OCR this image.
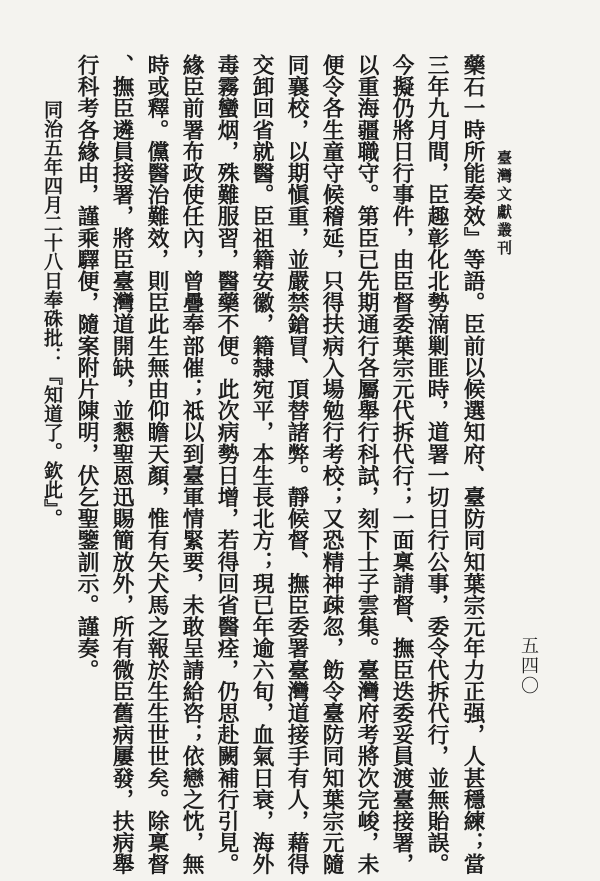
臺灣文獻叢刊
五四〇
藥石一時所能奏效』等語。臣前以候選知府、臺防同知葉宗元年力正强，人甚穩練；當
三年九月間，臣趣彰化北勢湳剿匪時，道署一切日行公事，委令代拆代行，並無貽誤。
今擬仍將日行事件，由臣督委葉宗元代拆代行；一面稟請督、撫臣迭委妥員渡臺接署，
以重海疆職守。第臣已先期通行各屬舉行科試，刻下士子雲集。臺灣府考將次完峻，未
便令各生童守候稽延，只得扶病入場勉行考校；又恐精神疎忽，飭令臺防同知葉宗元隨
同襄校，以期愼重，並嚴禁鎗冒、頂替諸弊。靜候督、撫臣委署臺灣道接手有人，藉得
交卸回省就醫。臣祖籍安徽，籍隸宛平，本生長北方；現已年逾六旬，血氣日衰，海外
毒霧蠻烟，殊難服習，醫藥不便。此次病勢日增，若得回省醫痊，仍思赴闕補行引見。
緣臣前署布政使任內，曾疊奉部催；祗以到臺軍情緊要，未敢呈請給咨；依戀之忱，無
時或釋。儻醫治難效，則臣此生無由仰瞻天顏，惟有矢犬馬之報於生生世世矣。除稟督
、撫臣遴員接署，將臣臺灣道開缺，並懇聖恩迅賜簡放外，所有微臣舊病屢發，扶病舉
行科考各緣由，謹乘驛便，隨案附片陳明，伏乞聖鑒訓示。謹奏。
同治五年四月二十八日奉硃批：『知道了。欽此』。
